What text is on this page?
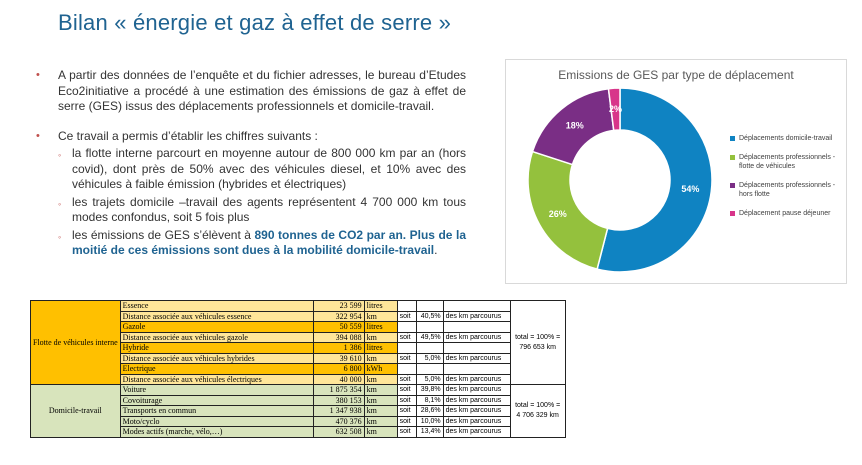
Bilan « énergie et gaz à effet de serre »
•	A partir des données de l’enquête et du fichier adresses, le bureau d’Etudes Eco2initiative a procédé à une estimation des émissions de gaz à effet de serre (GES) issus des déplacements professionnels et domicile-travail.
•	Ce travail a permis d’établir les chiffres suivants :
◦ la flotte interne parcourt en moyenne autour de 800 000 km par an (hors covid), dont près de 50% avec des véhicules diesel, et 10% avec des véhicules à faible émission (hybrides et électriques)
◦ les trajets domicile –travail des agents représentent 4 700 000 km tous modes confondus, soit 5 fois plus
◦ les émissions de GES s’élèvent à 890 tonnes de CO2 par an. Plus de la moitié de ces émissions sont dues à la mobilité domicile-travail.
Emissions de GES par type de déplacement
54%
26%
18%
2%
Déplacements domicile-travail
Déplacements professionnels - flotte de véhicules
Déplacements professionnels - hors flotte
Déplacement pause déjeuner
Flotte de véhicules interne	Essence	23 599	litres				total = 100% = 796 653 km
	Distance associée aux véhicules essence	322 954	km	soit	40,5%	des km parcourus	
	Gazole	50 559	litres				
	Distance associée aux véhicules gazole	394 088	km	soit	49,5%	des km parcourus	
	Hybride	1 386	litres				
	Distance associée aux véhicules hybrides	39 610	km	soit	5,0%	des km parcourus	
	Electrique	6 800	kWh				
	Distance associée aux véhicules électriques	40 000	km	soit	5,0%	des km parcourus	
Domicile-travail	Voiture	1 875 354	km	soit	39,8%	des km parcourus	total = 100% = 4 706 329 km
	Covoiturage	380 153	km	soit	8,1%	des km parcourus	
	Transports en commun	1 347 938	km	soit	28,6%	des km parcourus	
	Moto/cyclo	470 376	km	soit	10,0%	des km parcourus	
	Modes actifs (marche, vélo,…)	632 508	km	soit	13,4%	des km parcourus	
